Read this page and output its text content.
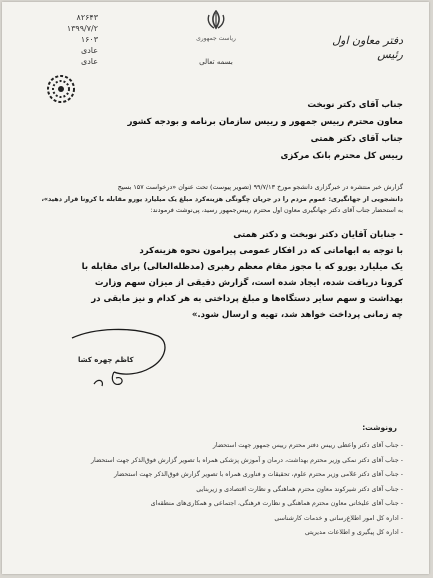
۸۲۶۴۳
۱۳۹۹/۷/۲
۱۶۰۳
عادی
عادی
ریاست جمهوری
بسمه تعالی
دفتر معاون اول
رئیس
جناب آقای دکتر نوبخت
معاون محترم رییس جمهور و رییس سازمان برنامه و بودجه کشور
جناب آقای دکتر همتی
رییس کل محترم بانک مرکزی
گزارش خبر منتشره در خبرگزاری دانشجو مورخ ۹۹/۷/۱۳ (تصویر پیوست) تحت عنوان «درخواست ۱۵۷ بسیج
دانشجویی از جهانگیری: عموم مردم را در جریان چگونگی هزینه‌کرد مبلغ یک میلیارد یورو مقابله با کرونا قرار دهید»،
به استحضار جناب آقای دکتر جهانگیری معاون اول محترم رییس‌جمهور رسید، پی‌نوشت فرمودند:
- جنابان آقایان دکتر نوبخت و دکتر همتی
با توجه به ابهاماتی که در افکار عمومی پیرامون نحوه هزینه‌کرد
یک میلیارد یورو که با مجوز مقام معظم رهبری (مدظله‌العالی) برای مقابله با
کرونا دریافت شده، ایجاد شده است، گزارش دقیقی از میزان سهم وزارت
بهداشت و سهم سایر دستگاه‌ها و مبلغ پرداختی به هر کدام و نیز مابقی در
چه زمانی پرداخت خواهد شد، تهیه و ارسال شود.»
کاظم چهره کشا
رونوشت:
- جناب آقای دکتر واعظی رییس دفتر محترم رییس جمهور جهت استحضار
- جناب آقای دکتر نمکی وزیر محترم بهداشت، درمان و آموزش پزشکی همراه با تصویر گزارش فوق‌الذکر جهت استحضار
- جناب آقای دکتر غلامی وزیر محترم علوم، تحقیقات و فناوری همراه با تصویر گزارش فوق‌الذکر جهت استحضار
- جناب آقای دکتر شیرکوند معاون محترم هماهنگی و نظارت اقتصادی و زیربنایی
- جناب آقای علیخانی معاون محترم هماهنگی و نظارت فرهنگی، اجتماعی و همکاری‌های منطقه‌ای
- اداره کل امور اطلاع‌رسانی و خدمات کارشناسی
- اداره کل پیگیری و اطلاعات مدیریتی
